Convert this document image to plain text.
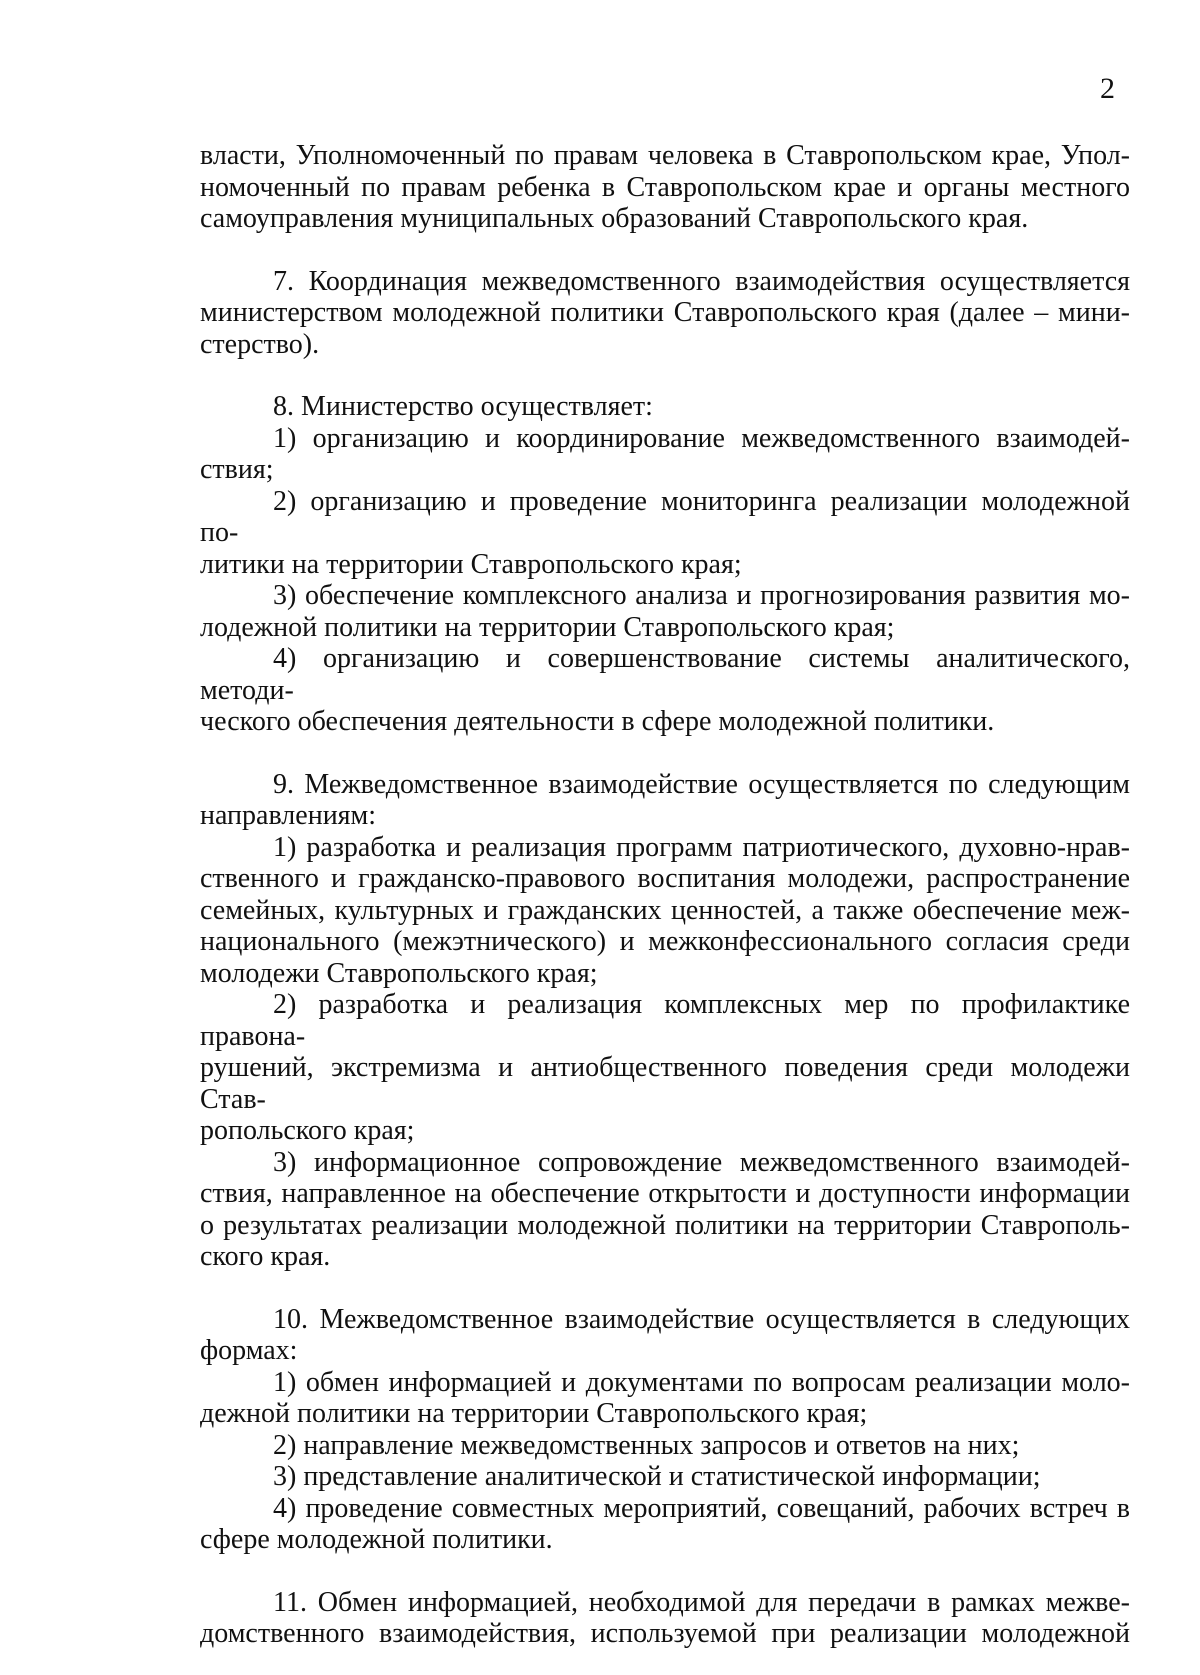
2

власти, Уполномоченный по правам человека в Ставропольском крае, Упол-

номоченный по правам ребенка в Ставропольском крае и органы местного

самоуправления муниципальных образований Ставропольского края.

7. Координация межведомственного взаимодействия осуществляется

министерством молодежной политики Ставропольского края (далее – мини-

стерство).

8. Министерство осуществляет:

1) организацию и координирование межведомственного взаимодей-

ствия;

2) организацию и проведение мониторинга реализации молодежной по-

литики на территории Ставропольского края;

3) обеспечение комплексного анализа и прогнозирования развития мо-

лодежной политики на территории Ставропольского края;

4) организацию и совершенствование системы аналитического, методи-

ческого обеспечения деятельности в сфере молодежной политики.

9. Межведомственное взаимодействие осуществляется по следующим

направлениям:

1) разработка и реализация программ патриотического, духовно-нрав-

ственного и гражданско-правового воспитания молодежи, распространение

семейных, культурных и гражданских ценностей, а также обеспечение меж-

национального (межэтнического) и межконфессионального согласия среди

молодежи Ставропольского края;

2) разработка и реализация комплексных мер по профилактике правона-

рушений, экстремизма и антиобщественного поведения среди молодежи Став-

ропольского края;

3) информационное сопровождение межведомственного взаимодей-

ствия, направленное на обеспечение открытости и доступности информации

о результатах реализации молодежной политики на территории Ставрополь-

ского края.

10. Межведомственное взаимодействие осуществляется в следующих

формах:

1) обмен информацией и документами по вопросам реализации моло-

дежной политики на территории Ставропольского края;

2) направление межведомственных запросов и ответов на них;

3) представление аналитической и статистической информации;

4) проведение совместных мероприятий, совещаний, рабочих встреч в

сфере молодежной политики.

11. Обмен информацией, необходимой для передачи в рамках межве-

домственного взаимодействия, используемой при реализации молодежной
